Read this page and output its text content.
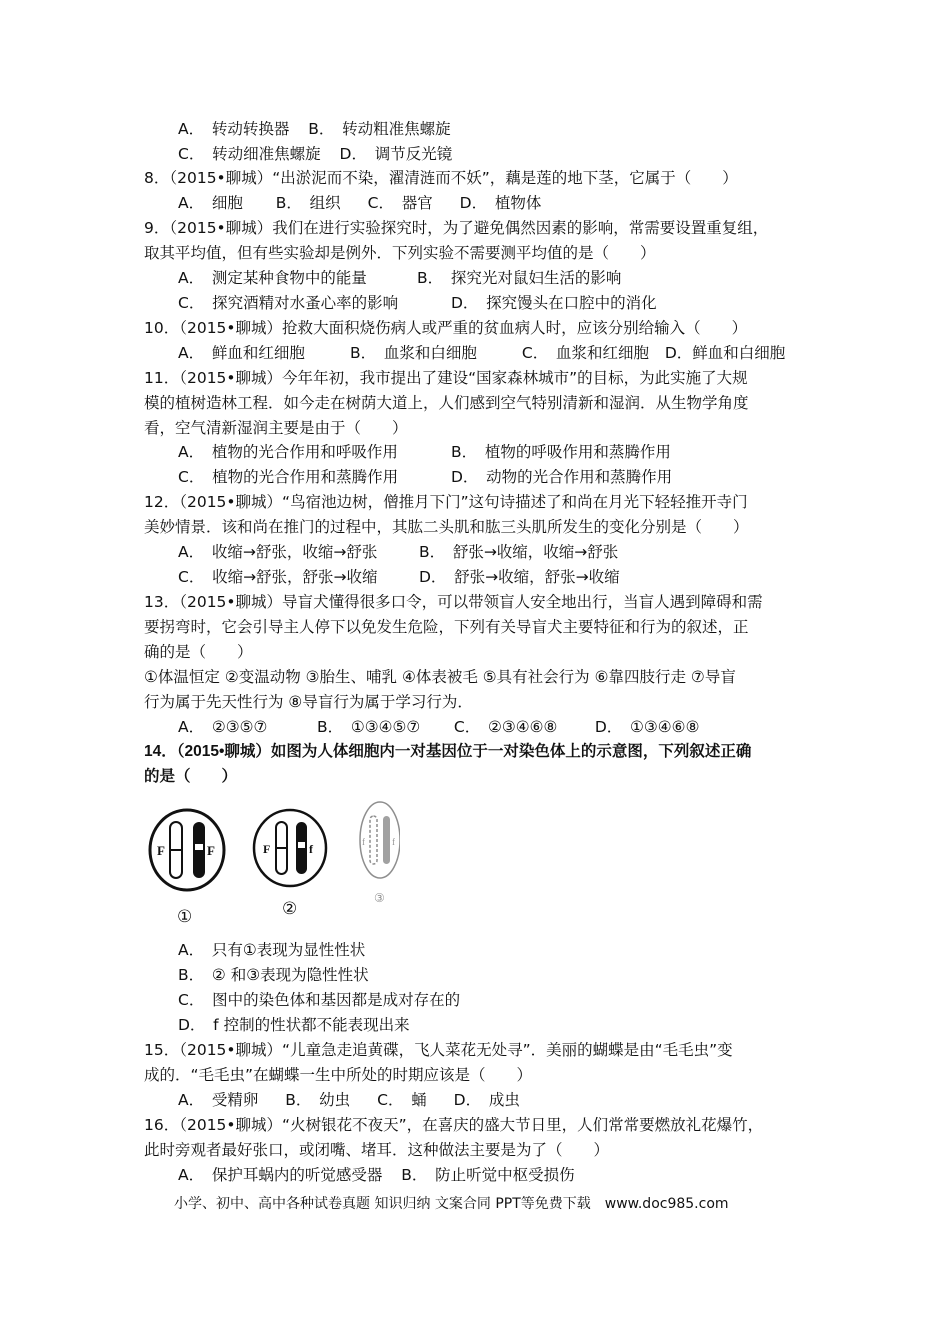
A．　转动转换器 B．　转动粗准焦螺旋
C．　转动细准焦螺旋 D．　调节反光镜
8．（2015•聊城）“出淤泥而不染，濯清涟而不妖”，藕是莲的地下茎，它属于（　　）
A．　细胞 B．　组织 C．　器官 D．　植物体
9．（2015•聊城）我们在进行实验探究时，为了避免偶然因素的影响，常需要设置重复组，
取其平均值，但有些实验却是例外．下列实验不需要测平均值的是（　　）
A．　测定某种食物中的能量	B．　探究光对鼠妇生活的影响
C．　探究酒精对水蚤心率的影响	D．　探究馒头在口腔中的消化
10．（2015•聊城）抢救大面积烧伤病人或严重的贫血病人时，应该分别给输入（　　）
A．　鲜血和红细胞	B．　血浆和白细胞	C．　血浆和红细胞 D．鲜血和白细胞
11．（2015•聊城）今年年初，我市提出了建设“国家森林城市”的目标，为此实施了大规
模的植树造林工程．如今走在树荫大道上，人们感到空气特别清新和湿润．从生物学角度
看，空气清新湿润主要是由于（　　）
A．　植物的光合作用和呼吸作用	B．　植物的呼吸作用和蒸腾作用
C．　植物的光合作用和蒸腾作用	D．　动物的光合作用和蒸腾作用
12．（2015•聊城）“鸟宿池边树，僧推月下门”这句诗描述了和尚在月光下轻轻推开寺门
美妙情景．该和尚在推门的过程中，其肱二头肌和肱三头肌所发生的变化分别是（　　）
A．　收缩→舒张，收缩→舒张	B．　舒张→收缩，收缩→舒张
C．　收缩→舒张，舒张→收缩	D．　舒张→收缩，舒张→收缩
13．（2015•聊城）导盲犬懂得很多口令，可以带领盲人安全地出行，当盲人遇到障碍和需
要拐弯时，它会引导主人停下以免发生危险，下列有关导盲犬主要特征和行为的叙述，正
确的是（　　）
①体温恒定 ②变温动物 ③胎生、哺乳 ④体表被毛 ⑤具有社会行为 ⑥靠四肢行走 ⑦导盲
行为属于先天性行为 ⑧导盲行为属于学习行为．
A．　②③⑤⑦	B．　①③④⑤⑦ C．　②③④⑥⑧ D．　①③④⑥⑧
14．（2015•聊城）如图为人体细胞内一对基因位于一对染色体上的示意图，下列叙述正确
的是（　　）
F	F
①
F	f
②
f	f
③
A．　只有①表现为显性性状
B．　② 和③表现为隐性性状
C．　图中的染色体和基因都是成对存在的
D．　f 控制的性状都不能表现出来
15．（2015•聊城）“儿童急走追黄碟，飞人菜花无处寻”．美丽的蝴蝶是由“毛毛虫”变
成的．“毛毛虫”在蝴蝶一生中所处的时期应该是（　　）
A．　受精卵 B．　幼虫 C．　蛹 D．　成虫
16．（2015•聊城）“火树银花不夜天”，在喜庆的盛大节日里，人们常常要燃放礼花爆竹，
此时旁观者最好张口，或闭嘴、堵耳．这种做法主要是为了（　　）
A．　保护耳蜗内的听觉感受器 B．　防止听觉中枢受损伤
小学、初中、高中各种试卷真题 知识归纳 文案合同 PPT等免费下载　www.doc985.com
